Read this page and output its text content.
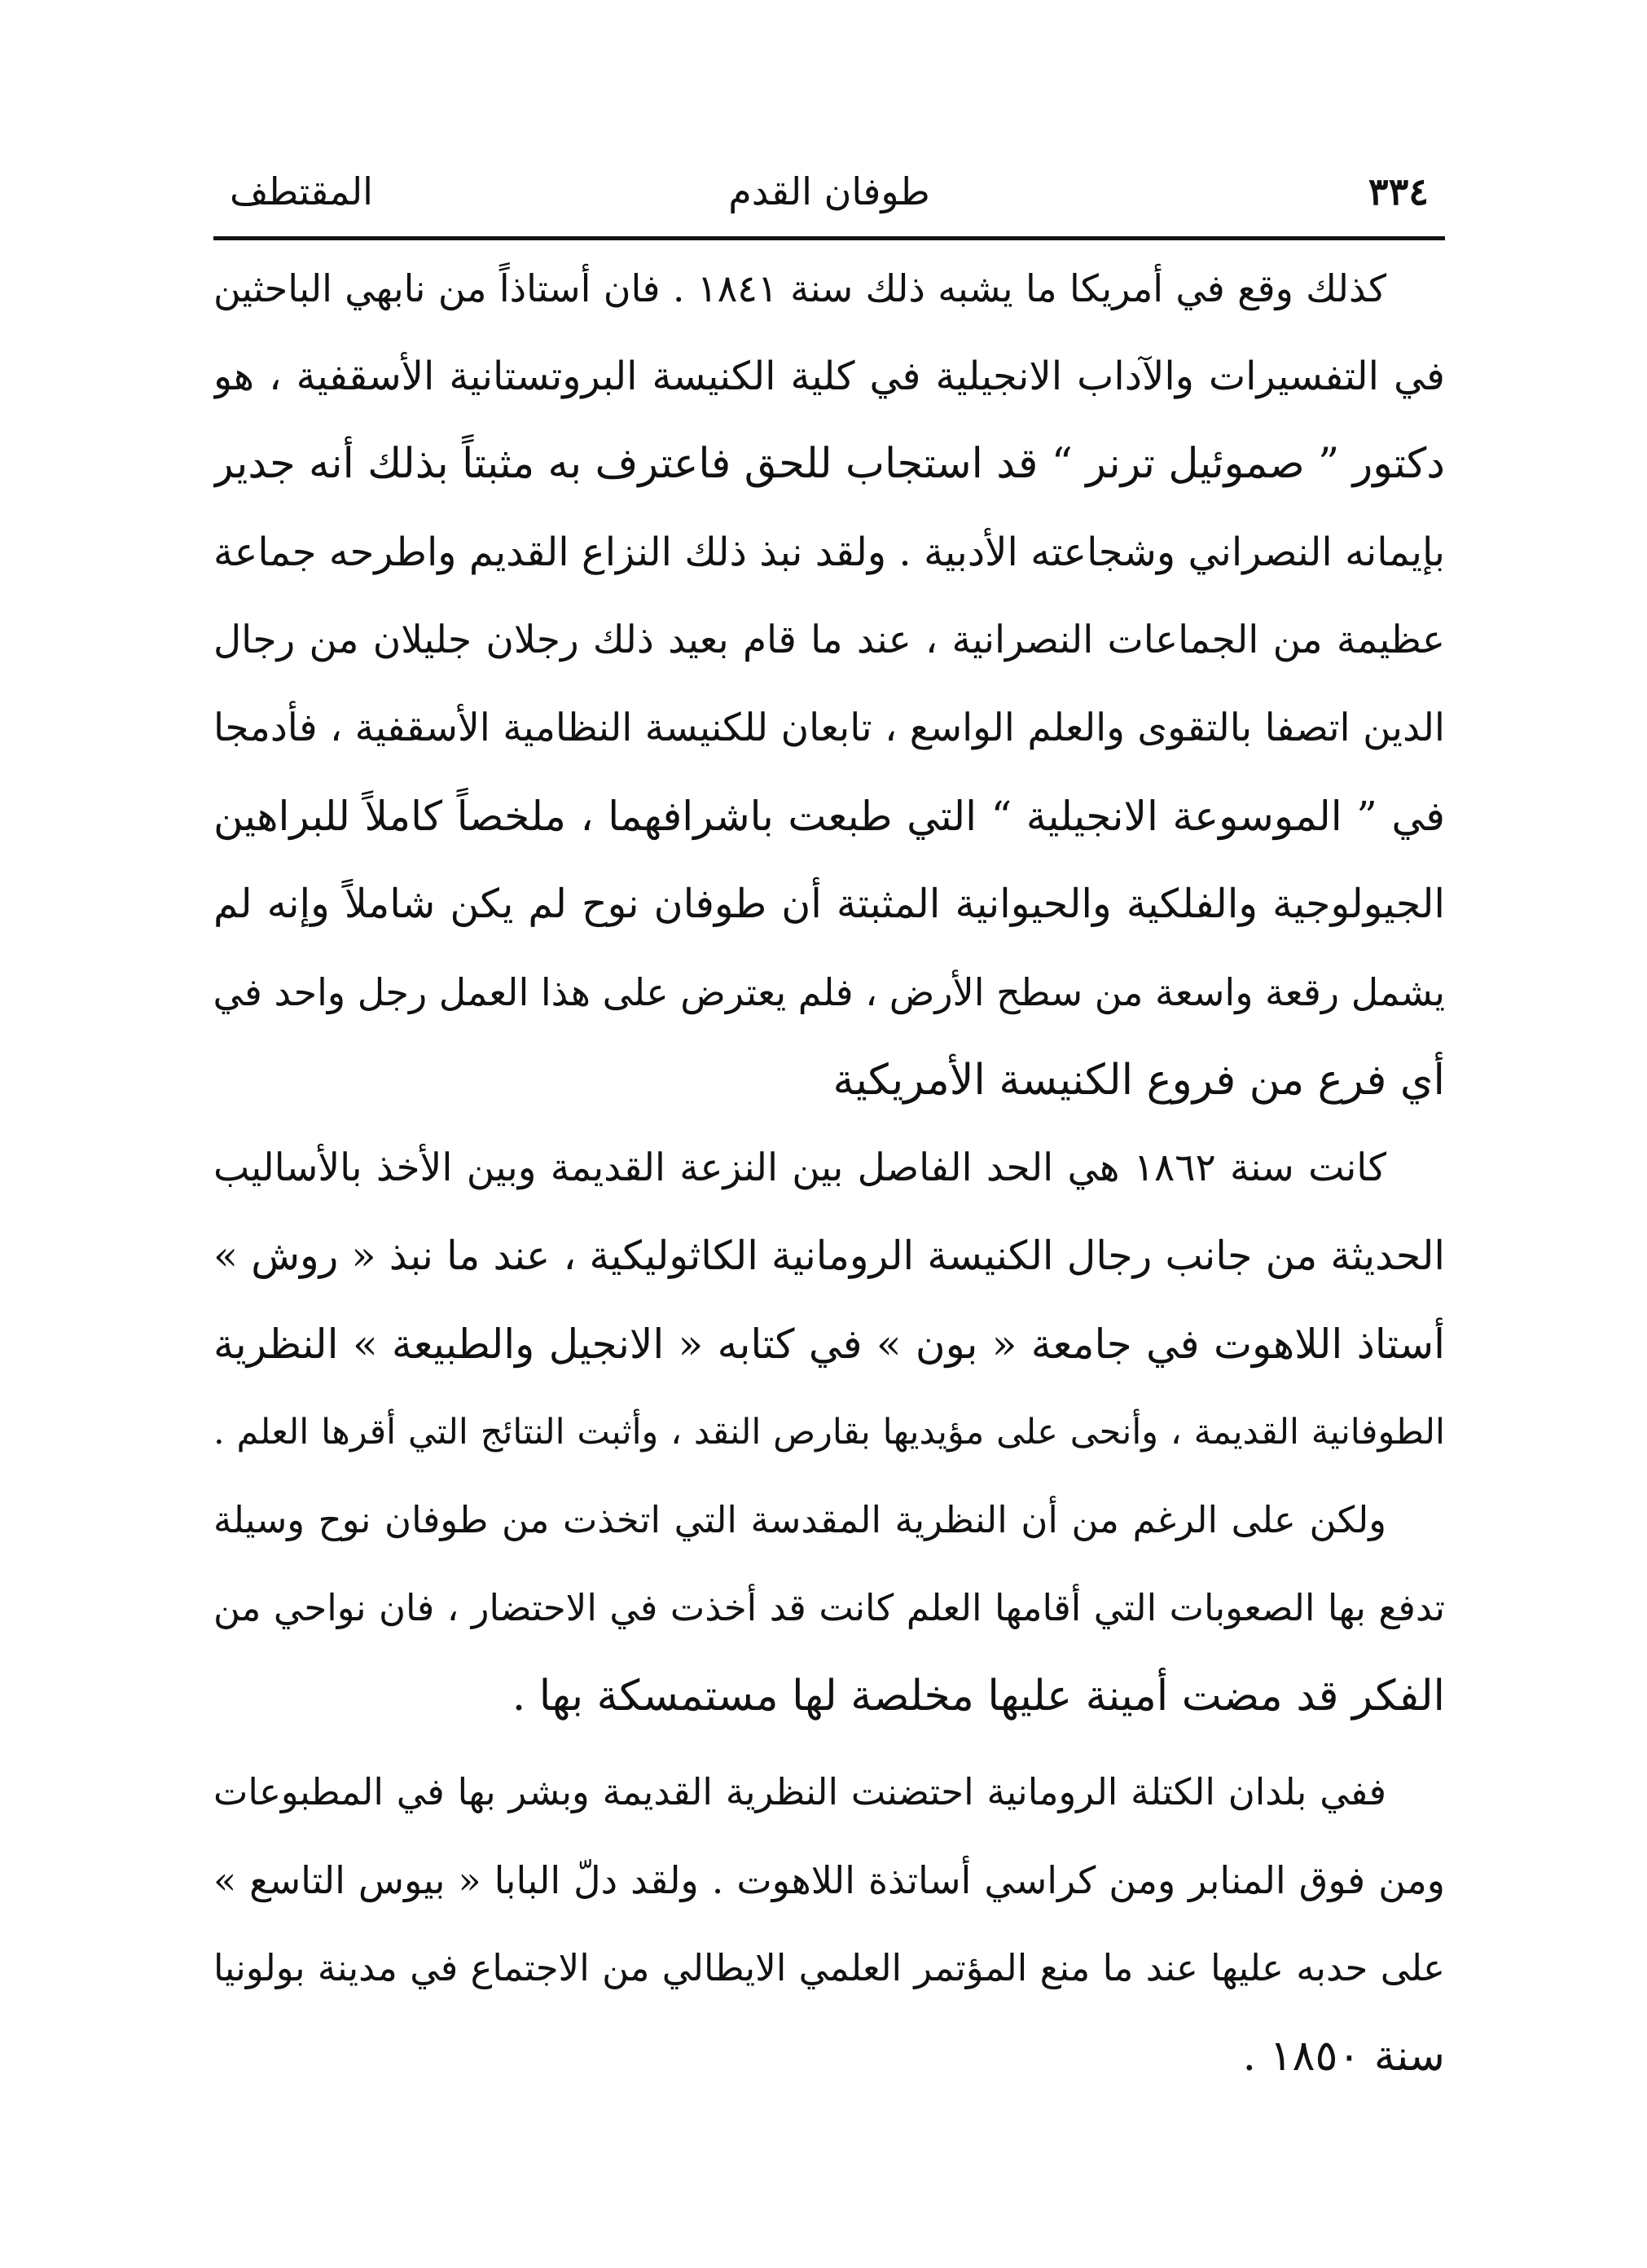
٣٣٤
طوفان القدم
المقتطف
كذلك وقع في أمريكا ما يشبه ذلك سنة ١٨٤١ . فان أستاذاً من نابهي الباحثين
في التفسيرات والآداب الانجيلية في كلية الكنيسة البروتستانية الأسقفية ، هو
دكتور ” صموئيل ترنر “ قد استجاب للحق فاعترف به مثبتاً بذلك أنه جدير
بإيمانه النصراني وشجاعته الأدبية . ولقد نبذ ذلك النزاع القديم واطرحه جماعة
عظيمة من الجماعات النصرانية ، عند ما قام بعيد ذلك رجلان جليلان من رجال
الدين اتصفا بالتقوى والعلم الواسع ، تابعان للكنيسة النظامية الأسقفية ، فأدمجا
في ” الموسوعة الانجيلية “ التي طبعت باشرافهما ، ملخصاً كاملاً للبراهين
الجيولوجية والفلكية والحيوانية المثبتة أن طوفان نوح لم يكن شاملاً وإنه لم
يشمل رقعة واسعة من سطح الأرض ، فلم يعترض على هذا العمل رجل واحد في
أي فرع من فروع الكنيسة الأمريكية
كانت سنة ١٨٦٢ هي الحد الفاصل بين النزعة القديمة وبين الأخذ بالأساليب
الحديثة من جانب رجال الكنيسة الرومانية الكاثوليكية ، عند ما نبذ « روش »
أستاذ اللاهوت في جامعة « بون » في كتابه « الانجيل والطبيعة » النظرية
الطوفانية القديمة ، وأنحى على مؤيديها بقارص النقد ، وأثبت النتائج التي أقرها العلم .
ولكن على الرغم من أن النظرية المقدسة التي اتخذت من طوفان نوح وسيلة
تدفع بها الصعوبات التي أقامها العلم كانت قد أخذت في الاحتضار ، فان نواحي من
الفكر قد مضت أمينة عليها مخلصة لها مستمسكة بها .
ففي بلدان الكتلة الرومانية احتضنت النظرية القديمة وبشر بها في المطبوعات
ومن فوق المنابر ومن كراسي أساتذة اللاهوت . ولقد دلّ البابا « بيوس التاسع »
على حدبه عليها عند ما منع المؤتمر العلمي الايطالي من الاجتماع في مدينة بولونيا
سنة ١٨٥٠ .
